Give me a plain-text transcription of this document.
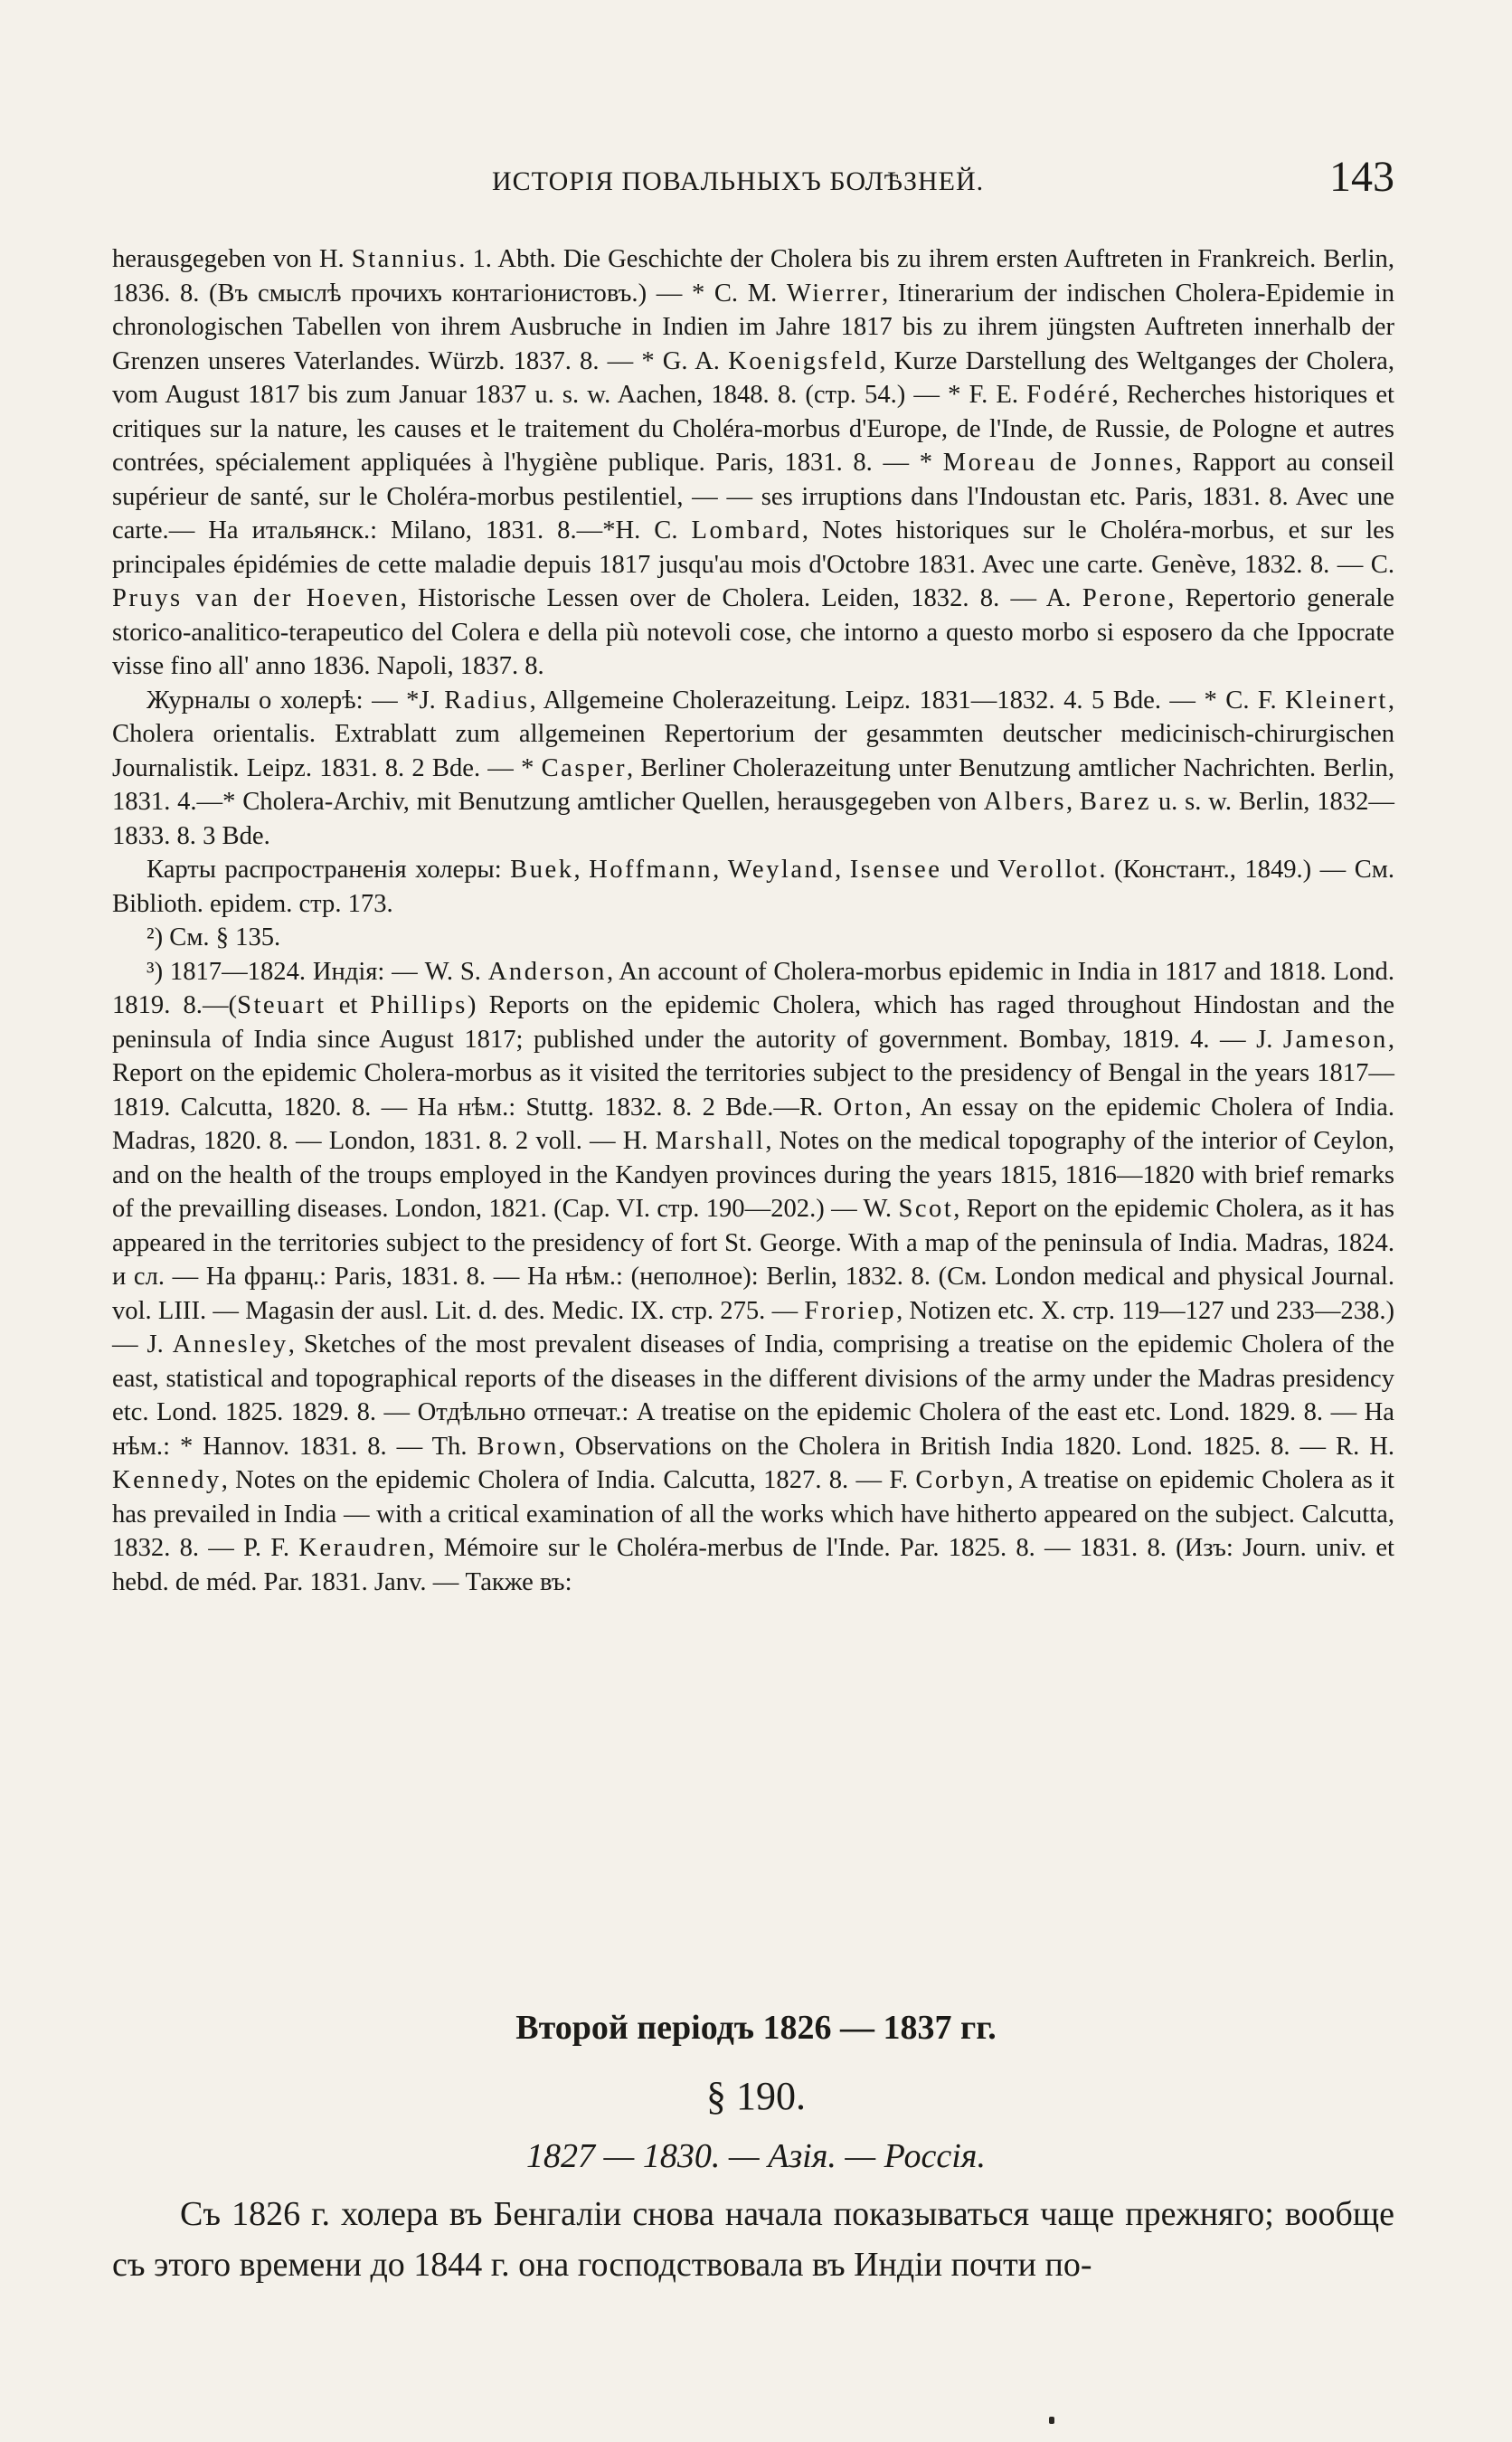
ИСТОРІЯ ПОВАЛЬНЫХЪ БОЛѢЗНЕЙ.	143

herausgegeben von H. Stannius. 1. Abth. Die Geschichte der Cholera bis zu ihrem ersten Auftreten in Frankreich. Berlin, 1836. 8. (Въ смыслѣ прочихъ контагіонистовъ.) — * C. M. Wierrer, Itinerarium der indischen Cholera-Epidemie in chronologischen Tabellen von ihrem Ausbruche in Indien im Jahre 1817 bis zu ihrem jüngsten Auftreten innerhalb der Grenzen unseres Vaterlandes. Würzb. 1837. 8. — * G. A. Koenigsfeld, Kurze Darstellung des Weltganges der Cholera, vom August 1817 bis zum Januar 1837 u. s. w. Aachen, 1848. 8. (стр. 54.) — * F. E. Fodéré, Recherches historiques et critiques sur la nature, les causes et le traitement du Choléra-morbus d'Europe, de l'Inde, de Russie, de Pologne et autres contrées, spécialement appliquées à l'hygiène publique. Paris, 1831. 8. — * Moreau de Jonnes, Rapport au conseil supérieur de santé, sur le Choléra-morbus pestilentiel, — — ses irruptions dans l'Indoustan etc. Paris, 1831. 8. Avec une carte.— На итальянск.: Milano, 1831. 8.—*H. C. Lombard, Notes historiques sur le Choléra-morbus, et sur les principales épidémies de cette maladie depuis 1817 jusqu'au mois d'Octobre 1831. Avec une carte. Genève, 1832. 8. — C. Pruys van der Hoeven, Historische Lessen over de Cholera. Leiden, 1832. 8. — A. Perone, Repertorio generale storico-analitico-terapeutico del Colera e della più notevoli cose, che intorno a questo morbo si esposero da che Ippocrate visse fino all' anno 1836. Napoli, 1837. 8.

Журналы о холерѣ: — *J. Radius, Allgemeine Cholerazeitung. Leipz. 1831—1832. 4. 5 Bde. — * C. F. Kleinert, Cholera orientalis. Extrablatt zum allgemeinen Repertorium der gesammten deutscher medicinisch-chirurgischen Journalistik. Leipz. 1831. 8. 2 Bde. — * Casper, Berliner Cholerazeitung unter Benutzung amtlicher Nachrichten. Berlin, 1831. 4.—* Cholera-Archiv, mit Benutzung amtlicher Quellen, herausgegeben von Albers, Barez u. s. w. Berlin, 1832—1833. 8. 3 Bde.

Карты распространенія холеры: Buek, Hoffmann, Weyland, Isensee und Verollot. (Констант., 1849.) — См. Biblioth. epidem. стр. 173.

²) См. § 135.

³) 1817—1824. Индія: — W. S. Anderson, An account of Cholera-morbus epidemic in India in 1817 and 1818. Lond. 1819. 8.—(Steuart et Phillips) Reports on the epidemic Cholera, which has raged throughout Hindostan and the peninsula of India since August 1817; published under the autority of government. Bombay, 1819. 4. — J. Jameson, Report on the epidemic Cholera-morbus as it visited the territories subject to the presidency of Bengal in the years 1817—1819. Calcutta, 1820. 8. — На нѣм.: Stuttg. 1832. 8. 2 Bde.—R. Orton, An essay on the epidemic Cholera of India. Madras, 1820. 8. — London, 1831. 8. 2 voll. — H. Marshall, Notes on the medical topography of the interior of Ceylon, and on the health of the troups employed in the Kandyen provinces during the years 1815, 1816—1820 with brief remarks of the prevailling diseases. London, 1821. (Cap. VI. стр. 190—202.) — W. Scot, Report on the epidemic Cholera, as it has appeared in the territories subject to the presidency of fort St. George. With a map of the peninsula of India. Madras, 1824. и сл. — На франц.: Paris, 1831. 8. — На нѣм.: (неполное): Berlin, 1832. 8. (См. London medical and physical Journal. vol. LIII. — Magasin der ausl. Lit. d. des. Medic. IX. стр. 275. — Froriep, Notizen etc. X. стр. 119—127 und 233—238.) — J. Annesley, Sketches of the most prevalent diseases of India, comprising a treatise on the epidemic Cholera of the east, statistical and topographical reports of the diseases in the different divisions of the army under the Madras presidency etc. Lond. 1825. 1829. 8. — Отдѣльно отпечат.: A treatise on the epidemic Cholera of the east etc. Lond. 1829. 8. — На нѣм.: * Hannov. 1831. 8. — Th. Brown, Observations on the Cholera in British India 1820. Lond. 1825. 8. — R. H. Kennedy, Notes on the epidemic Cholera of India. Calcutta, 1827. 8. — F. Corbyn, A treatise on epidemic Cholera as it has prevailed in India — with a critical examination of all the works which have hitherto appeared on the subject. Calcutta, 1832. 8. — P. F. Keraudren, Mémoire sur le Choléra-merbus de l'Inde. Par. 1825. 8. — 1831. 8. (Изъ: Journ. univ. et hebd. de méd. Par. 1831. Janv. — Также въ:

Второй періодъ 1826 — 1837 гг.
§ 190.
1827 — 1830. — Азія. — Россія.

Съ 1826 г. холера въ Бенгаліи снова начала показываться чаще прежняго; вообще съ этого времени до 1844 г. она господствовала въ Индіи почти по-
